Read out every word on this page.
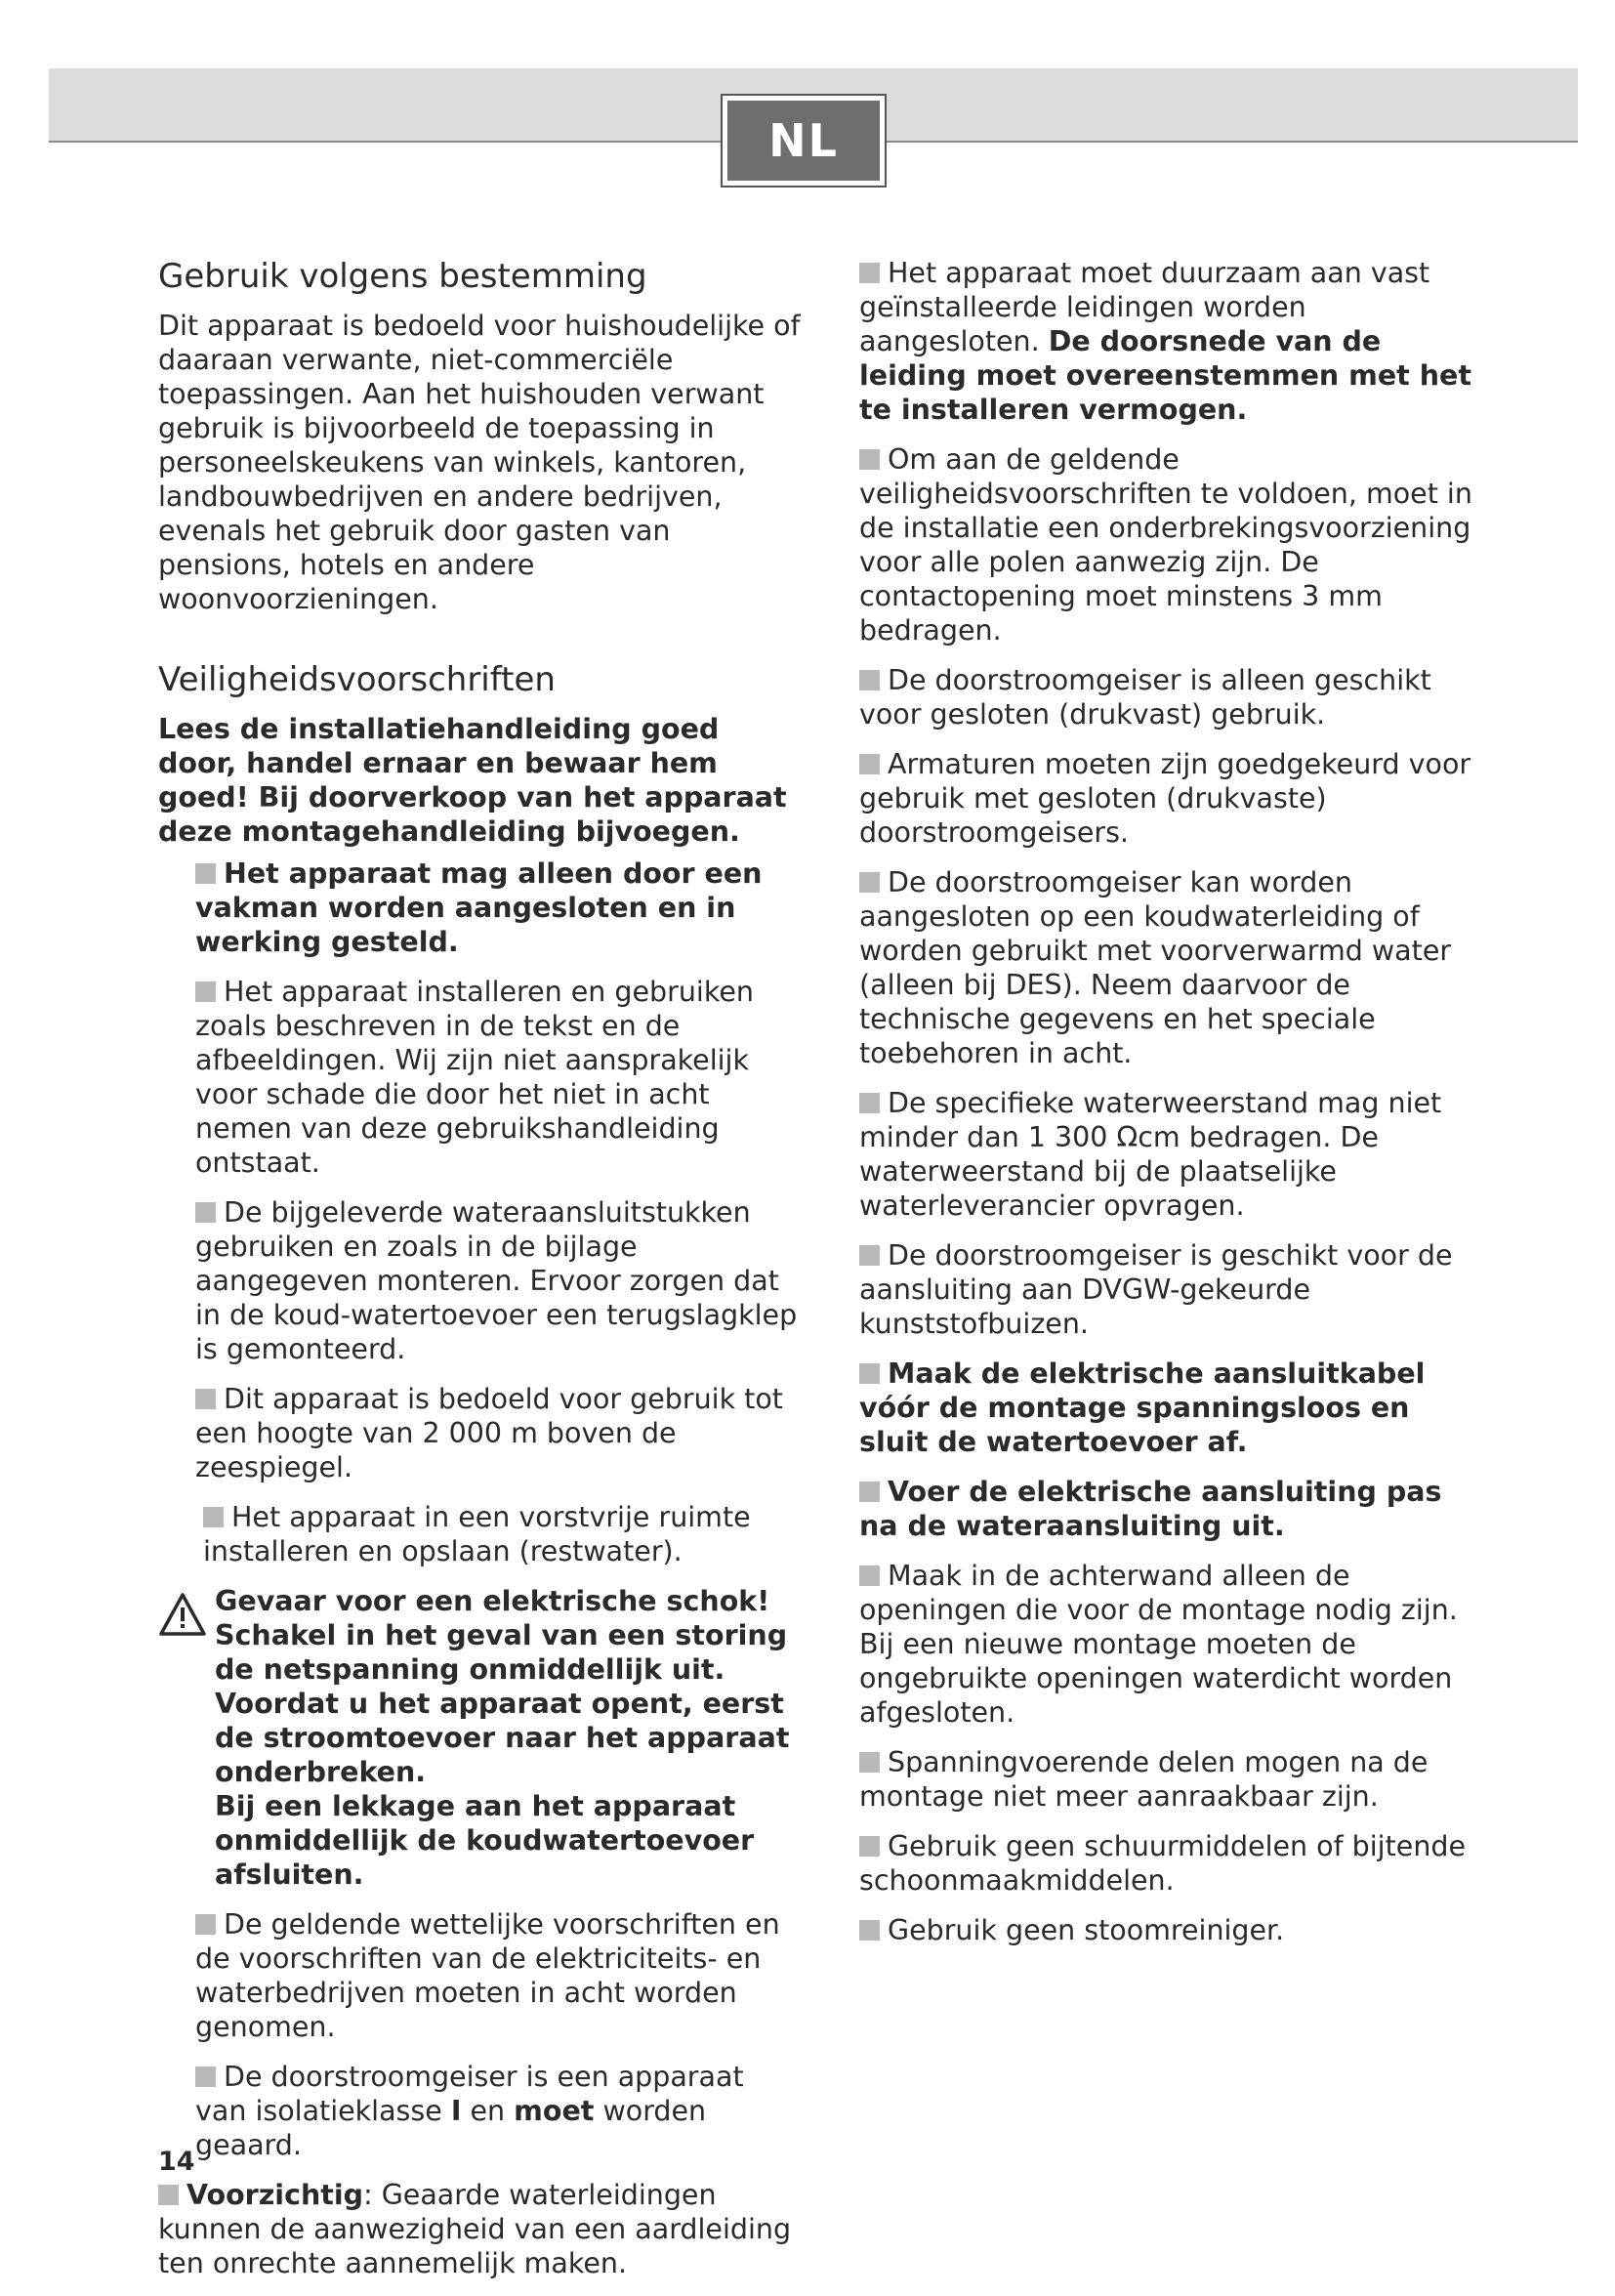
NL
Gebruik volgens bestemming

Dit apparaat is bedoeld voor huishoudelijke of daaraan verwante, niet-commerciële toepassingen. Aan het huishouden verwant gebruik is bijvoorbeeld de toepassing in personeelskeukens van winkels, kantoren, landbouwbedrijven en andere bedrijven, evenals het gebruik door gasten van pensions, hotels en andere woonvoorzieningen.

Veiligheidsvoorschriften

Lees de installatiehandleiding goed door, handel ernaar en bewaar hem goed! Bij doorverkoop van het apparaat deze montagehandleiding bijvoegen.

Het apparaat mag alleen door een vakman worden aangesloten en in werking gesteld.
Het apparaat installeren en gebruiken zoals beschreven in de tekst en de afbeeldingen. Wij zijn niet aansprakelijk voor schade die door het niet in acht nemen van deze gebruikshandleiding ontstaat.
De bijgeleverde wateraansluitstukken gebruiken en zoals in de bijlage aangegeven monteren. Ervoor zorgen dat in de koud-watertoevoer een terugslagklep is gemonteerd.
Dit apparaat is bedoeld voor gebruik tot een hoogte van 2 000 m boven de zeespiegel.
Het apparaat in een vorstvrije ruimte installeren en opslaan (restwater).

Gevaar voor een elektrische schok!

Schakel in het geval van een storing de netspanning onmiddellijk uit.

Voordat u het apparaat opent, eerst de stroomtoevoer naar het apparaat onderbreken.

Bij een lekkage aan het apparaat onmiddellijk de koudwatertoevoer afsluiten.

De geldende wettelijke voorschriften en de voorschriften van de elektriciteits- en waterbedrijven moeten in acht worden genomen.
De doorstroomgeiser is een apparaat van isolatieklasse I en moet worden geaard.
Voorzichtig: Geaarde waterleidingen kunnen de aanwezigheid van een aardleiding ten onrechte aannemelijk maken.
Het apparaat moet duurzaam aan vast geïnstalleerde leidingen worden aangesloten. De doorsnede van de leiding moet overeenstemmen met het te installeren vermogen.
Om aan de geldende veiligheidsvoorschriften te voldoen, moet in de installatie een onderbrekingsvoorziening voor alle polen aanwezig zijn. De contactopening moet minstens 3 mm bedragen.
De doorstroomgeiser is alleen geschikt voor gesloten (drukvast) gebruik.
Armaturen moeten zijn goedgekeurd voor gebruik met gesloten (drukvaste) doorstroomgeisers.
De doorstroomgeiser kan worden aangesloten op een koudwaterleiding of worden gebruikt met voorverwarmd water (alleen bij DES). Neem daarvoor de technische gegevens en het speciale toebehoren in acht.
De specifieke waterweerstand mag niet minder dan 1 300 Ωcm bedragen. De waterweerstand bij de plaatselijke waterleverancier opvragen.
De doorstroomgeiser is geschikt voor de aansluiting aan DVGW-gekeurde kunststofbuizen.
Maak de elektrische aansluitkabel vóór de montage spanningsloos en sluit de watertoevoer af.
Voer de elektrische aansluiting pas na de wateraansluiting uit.
Maak in de achterwand alleen de openingen die voor de montage nodig zijn.
Bij een nieuwe montage moeten de ongebruikte openingen waterdicht worden afgesloten.
Spanningvoerende delen mogen na de montage niet meer aanraakbaar zijn.
Gebruik geen schuurmiddelen of bijtende schoonmaakmiddelen.
Gebruik geen stoomreiniger.
14
